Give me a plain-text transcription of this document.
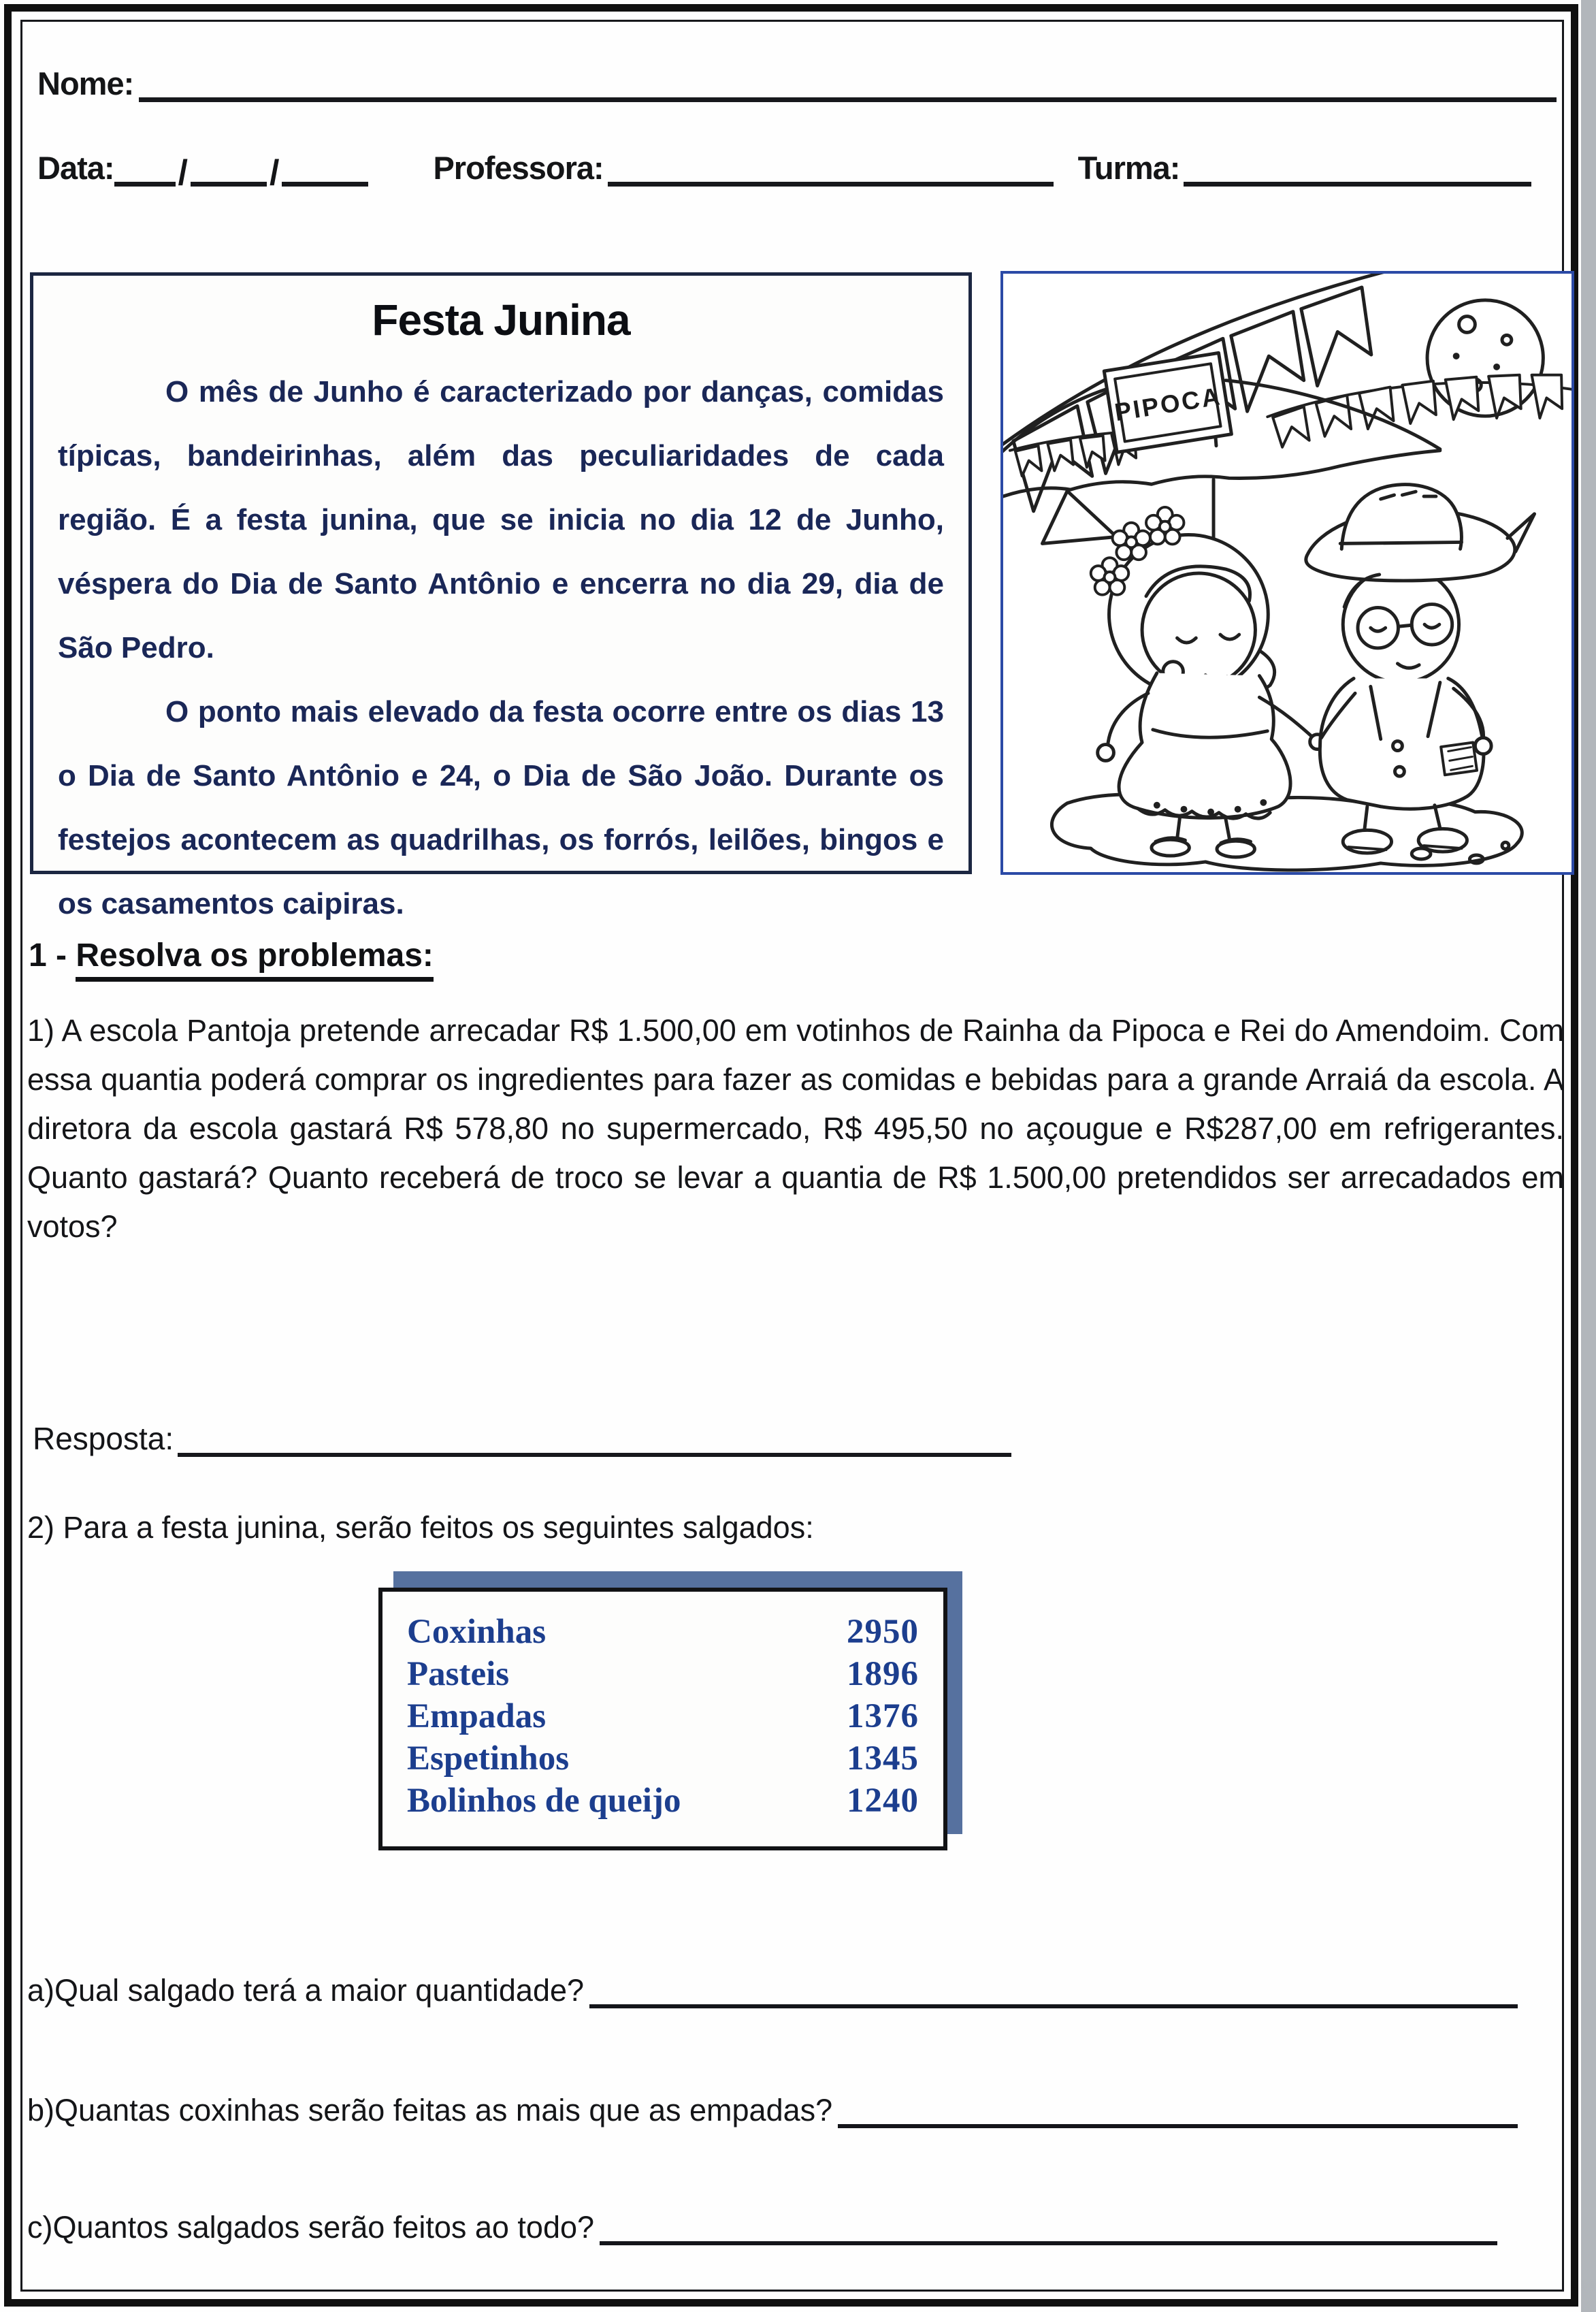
Nome:
Data: / /	Professora:	Turma:
Festa Junina

O mês de Junho é caracterizado por danças, comidas típicas, bandeirinhas, além das peculiaridades de cada região. É a festa junina, que se inicia no dia 12 de Junho, véspera do Dia de Santo Antônio e encerra no dia 29, dia de São Pedro.

O ponto mais elevado da festa ocorre entre os dias 13 o Dia de Santo Antônio e 24, o Dia de São João. Durante os festejos acontecem as quadrilhas, os forrós, leilões, bingos e os casamentos caipiras.

PIPOCA
1 - Resolva os problemas:
1) A escola Pantoja pretende arrecadar R$ 1.500,00 em votinhos de Rainha da Pipoca e Rei do Amendoim. Com essa quantia poderá comprar os ingredientes para fazer as comidas e bebidas para a grande Arraiá da escola. A diretora da escola gastará R$ 578,80 no supermercado, R$ 495,50 no açougue e R$287,00 em refrigerantes. Quanto gastará? Quanto receberá de troco se levar a quantia de R$ 1.500,00 pretendidos ser arrecadados em votos?
Resposta:
2) Para a festa junina, serão feitos os seguintes salgados:
Coxinhas	2950
Pasteis	1896
Empadas	1376
Espetinhos	1345
Bolinhos de queijo	1240
a)Qual salgado terá a maior quantidade?
b)Quantas coxinhas serão feitas as mais que as empadas?
c)Quantos salgados serão feitos ao todo?
